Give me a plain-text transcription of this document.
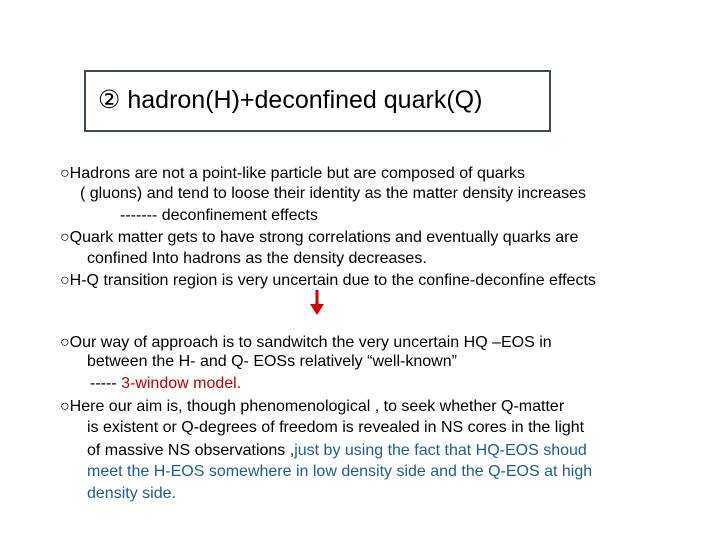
② hadron(H)+deconfined quark(Q)
○Hadrons are not a point-like particle but are composed of quarks
( gluons) and tend to loose their identity as the matter density increases
------- deconfinement effects
○Quark matter gets to have strong correlations and eventually quarks are
confined Into hadrons as the density decreases.
○H-Q transition region is very uncertain due to the confine-deconfine effects
○Our way of approach is to sandwitch the very uncertain HQ –EOS in
between the H- and Q- EOSs relatively “well-known”
----- 3-window model.
○Here our aim is, though phenomenological , to seek whether Q-matter
is existent or Q-degrees of freedom is revealed in NS cores in the light
of massive NS observations ,just by using the fact that HQ-EOS shoud
meet the H-EOS somewhere in low density side and the Q-EOS at high
density side.
